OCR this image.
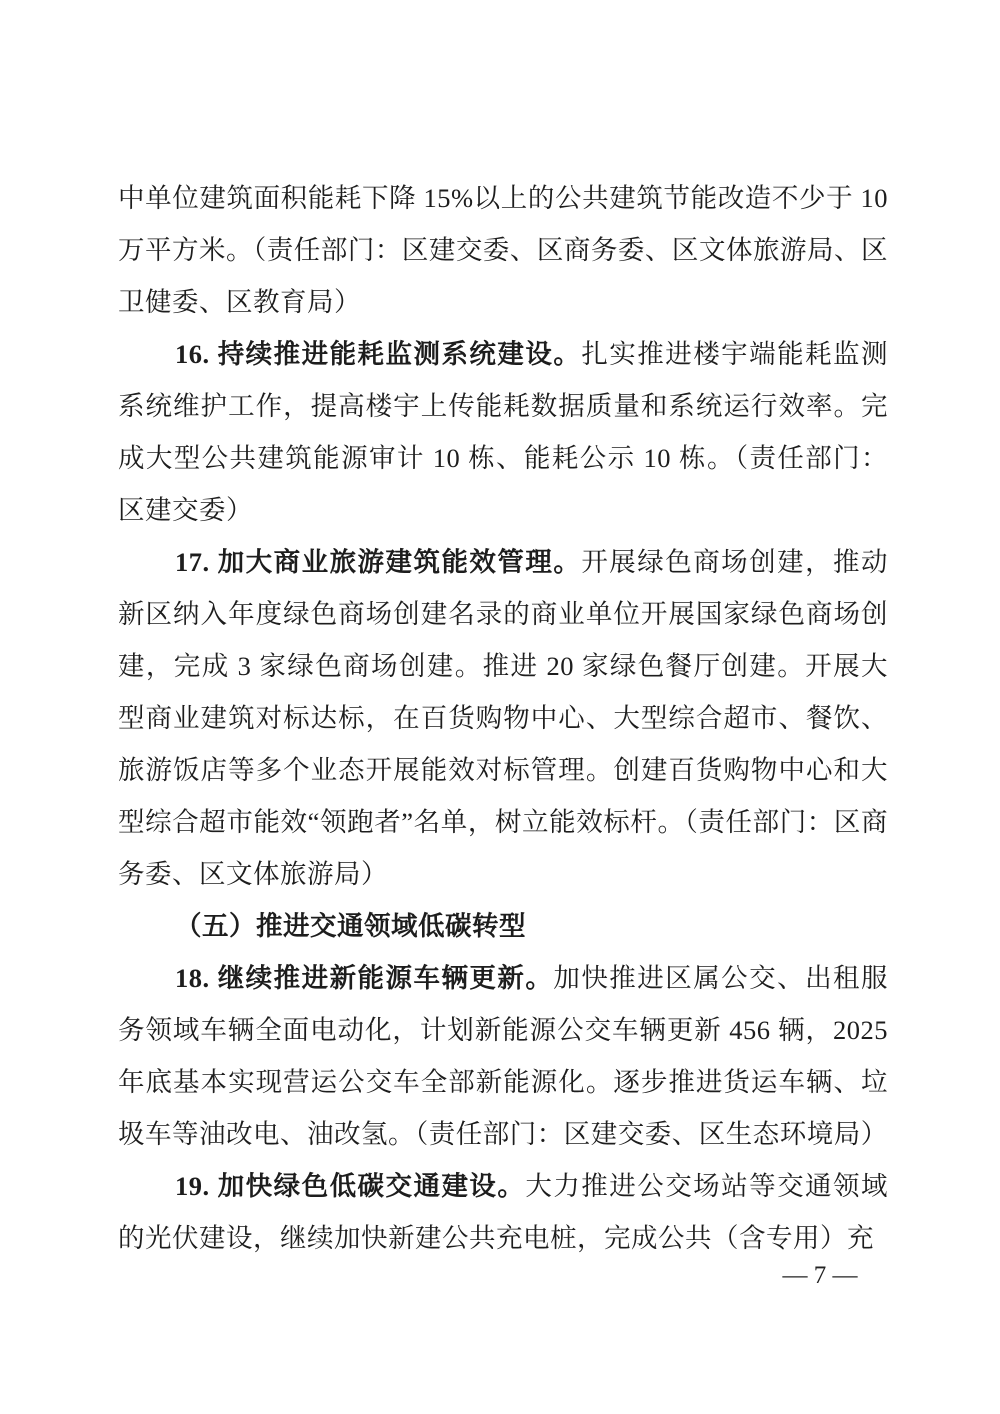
中单位建筑面积能耗下降 15%以上的公共建筑节能改造不少于 10 万平方米。（责任部门：区建交委、区商务委、区文体旅游局、区卫健委、区教育局）

16. 持续推进能耗监测系统建设。扎实推进楼宇端能耗监测系统维护工作，提高楼宇上传能耗数据质量和系统运行效率。完成大型公共建筑能源审计 10 栋、能耗公示 10 栋。（责任部门：区建交委）

17. 加大商业旅游建筑能效管理。开展绿色商场创建，推动新区纳入年度绿色商场创建名录的商业单位开展国家绿色商场创建，完成 3 家绿色商场创建。推进 20 家绿色餐厅创建。开展大型商业建筑对标达标，在百货购物中心、大型综合超市、餐饮、旅游饭店等多个业态开展能效对标管理。创建百货购物中心和大型综合超市能效“领跑者”名单，树立能效标杆。（责任部门：区商务委、区文体旅游局）

（五）推进交通领域低碳转型

18. 继续推进新能源车辆更新。加快推进区属公交、出租服务领域车辆全面电动化，计划新能源公交车辆更新 456 辆，2025年底基本实现营运公交车全部新能源化。逐步推进货运车辆、垃圾车等油改电、油改氢。（责任部门：区建交委、区生态环境局）

19. 加快绿色低碳交通建设。大力推进公交场站等交通领域的光伏建设，继续加快新建公共充电桩，完成公共（含专用）充

— 7 —
